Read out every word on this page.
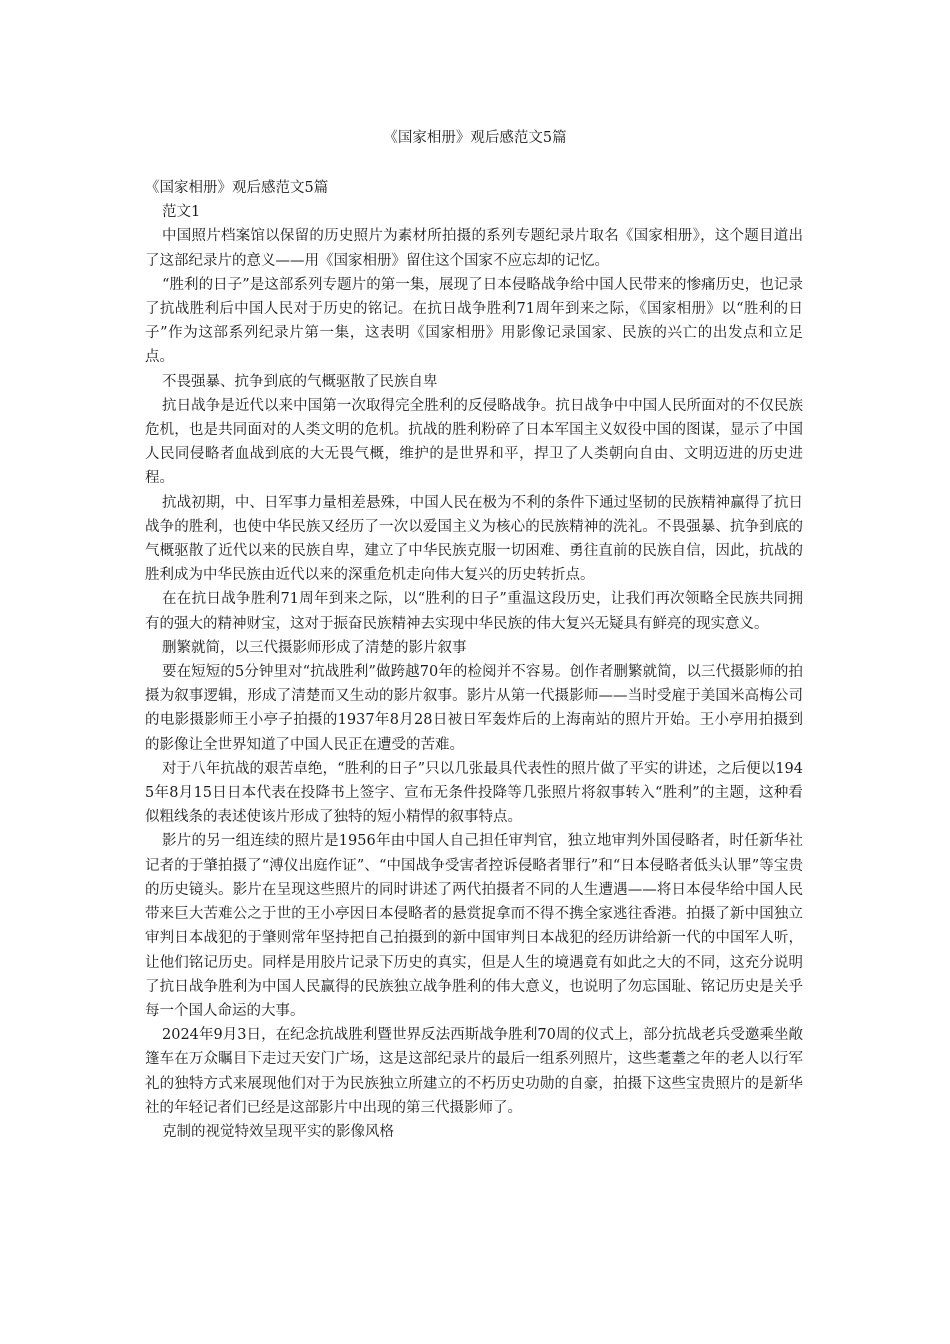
《国家相册》观后感范文5篇

《国家相册》观后感范文5篇

范文1

中国照片档案馆以保留的历史照片为素材所拍摄的系列专题纪录片取名《国家相册》，这个题目道出了这部纪录片的意义——用《国家相册》留住这个国家不应忘却的记忆。

“胜利的日子”是这部系列专题片的第一集，展现了日本侵略战争给中国人民带来的惨痛历史，也记录了抗战胜利后中国人民对于历史的铭记。在抗日战争胜利71周年到来之际，《国家相册》以“胜利的日子”作为这部系列纪录片第一集，这表明《国家相册》用影像记录国家、民族的兴亡的出发点和立足点。

不畏强暴、抗争到底的气概驱散了民族自卑

抗日战争是近代以来中国第一次取得完全胜利的反侵略战争。抗日战争中中国人民所面对的不仅民族危机，也是共同面对的人类文明的危机。抗战的胜利粉碎了日本军国主义奴役中国的图谋，显示了中国人民同侵略者血战到底的大无畏气概，维护的是世界和平，捍卫了人类朝向自由、文明迈进的历史进程。

抗战初期，中、日军事力量相差悬殊，中国人民在极为不利的条件下通过坚韧的民族精神赢得了抗日战争的胜利，也使中华民族又经历了一次以爱国主义为核心的民族精神的洗礼。不畏强暴、抗争到底的气概驱散了近代以来的民族自卑，建立了中华民族克服一切困难、勇往直前的民族自信，因此，抗战的胜利成为中华民族由近代以来的深重危机走向伟大复兴的历史转折点。

在在抗日战争胜利71周年到来之际，以“胜利的日子”重温这段历史，让我们再次领略全民族共同拥有的强大的精神财宝，这对于振奋民族精神去实现中华民族的伟大复兴无疑具有鲜亮的现实意义。

删繁就简，以三代摄影师形成了清楚的影片叙事

要在短短的5分钟里对“抗战胜利”做跨越70年的检阅并不容易。创作者删繁就简，以三代摄影师的拍摄为叙事逻辑，形成了清楚而又生动的影片叙事。影片从第一代摄影师——当时受雇于美国米高梅公司的电影摄影师王小亭子拍摄的1937年8月28日被日军轰炸后的上海南站的照片开始。王小亭用拍摄到的影像让全世界知道了中国人民正在遭受的苦难。

对于八年抗战的艰苦卓绝，“胜利的日子”只以几张最具代表性的照片做了平实的讲述，之后便以1945年8月15日日本代表在投降书上签字、宣布无条件投降等几张照片将叙事转入“胜利”的主题，这种看似粗线条的表述使该片形成了独特的短小精悍的叙事特点。

影片的另一组连续的照片是1956年由中国人自己担任审判官，独立地审判外国侵略者，时任新华社记者的于肇拍摄了“溥仪出庭作证”、“中国战争受害者控诉侵略者罪行”和“日本侵略者低头认罪”等宝贵的历史镜头。影片在呈现这些照片的同时讲述了两代拍摄者不同的人生遭遇——将日本侵华给中国人民带来巨大苦难公之于世的王小亭因日本侵略者的悬赏捉拿而不得不携全家逃往香港。拍摄了新中国独立审判日本战犯的于肇则常年坚持把自己拍摄到的新中国审判日本战犯的经历讲给新一代的中国军人听，让他们铭记历史。同样是用胶片记录下历史的真实，但是人生的境遇竟有如此之大的不同，这充分说明了抗日战争胜利为中国人民赢得的民族独立战争胜利的伟大意义，也说明了勿忘国耻、铭记历史是关乎每一个国人命运的大事。

2024年9月3日，在纪念抗战胜利暨世界反法西斯战争胜利70周的仪式上，部分抗战老兵受邀乘坐敞篷车在万众瞩目下走过天安门广场，这是这部纪录片的最后一组系列照片，这些耄耋之年的老人以行军礼的独特方式来展现他们对于为民族独立所建立的不朽历史功勋的自豪，拍摄下这些宝贵照片的是新华社的年轻记者们已经是这部影片中出现的第三代摄影师了。

克制的视觉特效呈现平实的影像风格
